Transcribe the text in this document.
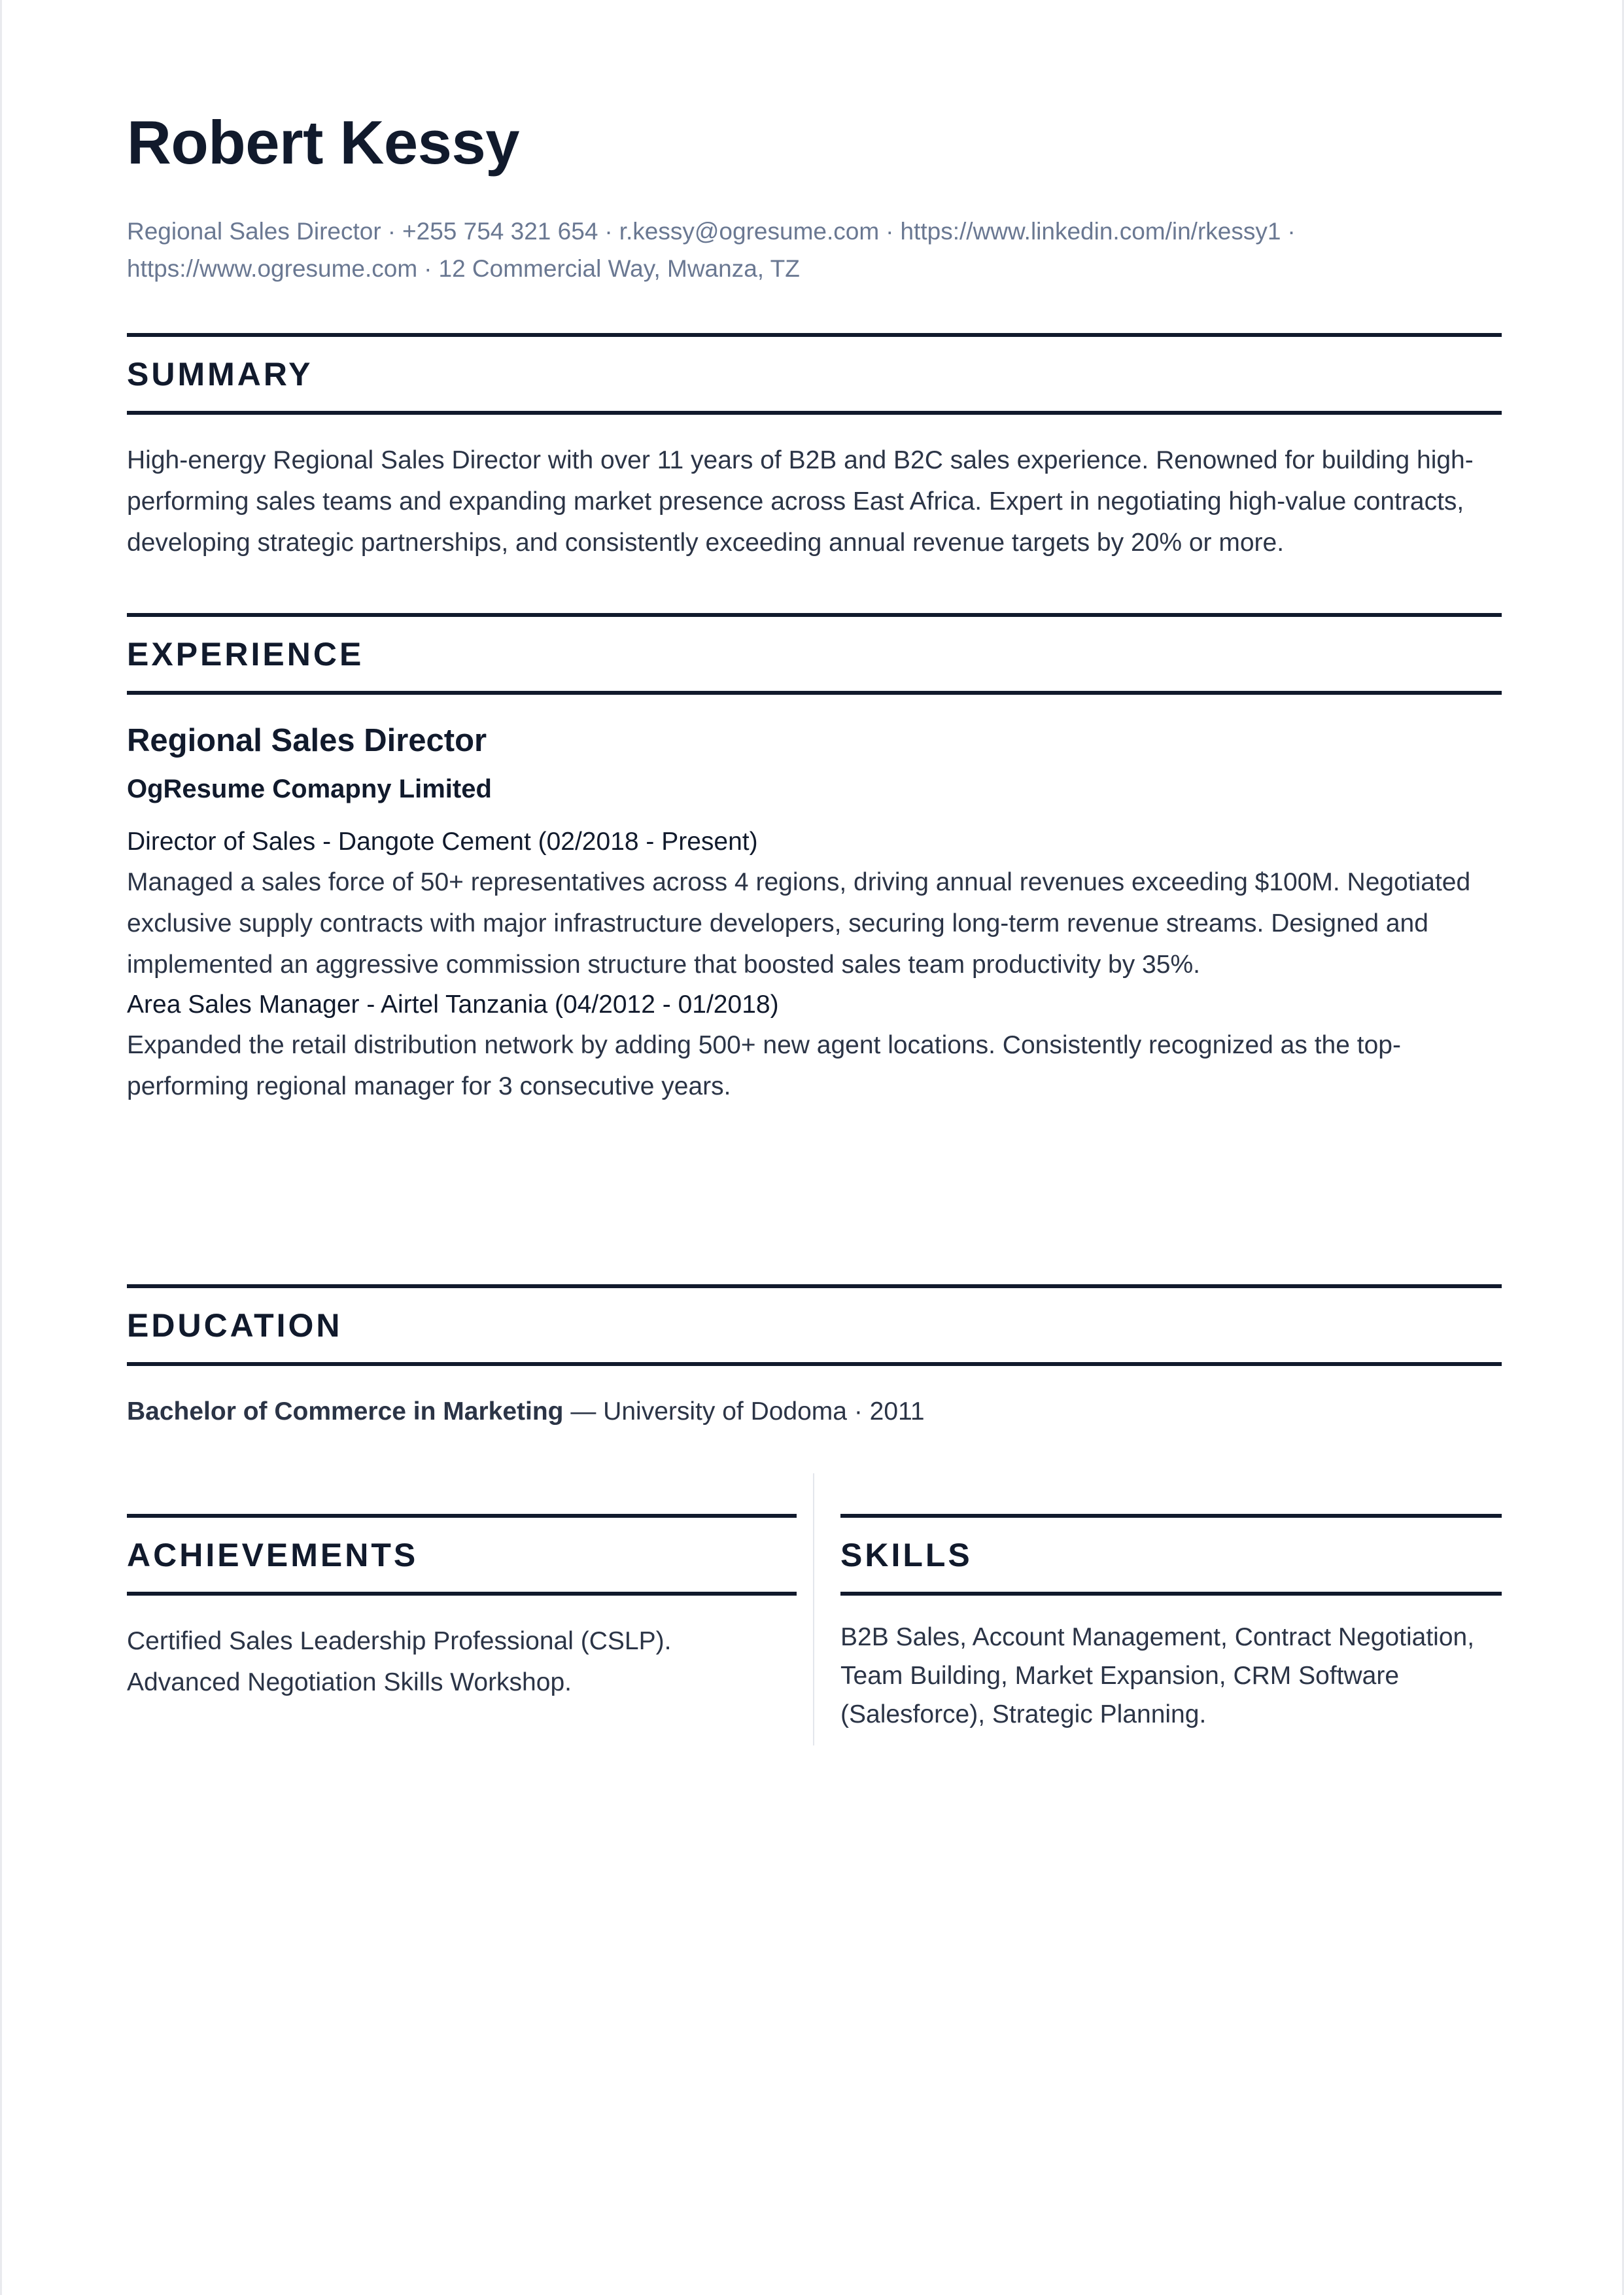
Robert Kessy
Regional Sales Director · +255 754 321 654 · r.kessy@ogresume.com · https://www.linkedin.com/in/rkessy1 ·
https://www.ogresume.com · 12 Commercial Way, Mwanza, TZ
SUMMARY
High-energy Regional Sales Director with over 11 years of B2B and B2C sales experience. Renowned for building high-performing sales teams and expanding market presence across East Africa. Expert in negotiating high-value contracts, developing strategic partnerships, and consistently exceeding annual revenue targets by 20% or more.
EXPERIENCE
Regional Sales Director
OgResume Comapny Limited
Director of Sales - Dangote Cement (02/2018 - Present)
Managed a sales force of 50+ representatives across 4 regions, driving annual revenues exceeding $100M. Negotiated exclusive supply contracts with major infrastructure developers, securing long-term revenue streams. Designed and implemented an aggressive commission structure that boosted sales team productivity by 35%.
Area Sales Manager - Airtel Tanzania (04/2012 - 01/2018)
Expanded the retail distribution network by adding 500+ new agent locations. Consistently recognized as the top-performing regional manager for 3 consecutive years.
EDUCATION
Bachelor of Commerce in Marketing — University of Dodoma · 2011
ACHIEVEMENTS
Certified Sales Leadership Professional (CSLP).
Advanced Negotiation Skills Workshop.
SKILLS
B2B Sales, Account Management, Contract Negotiation, Team Building, Market Expansion, CRM Software (Salesforce), Strategic Planning.
